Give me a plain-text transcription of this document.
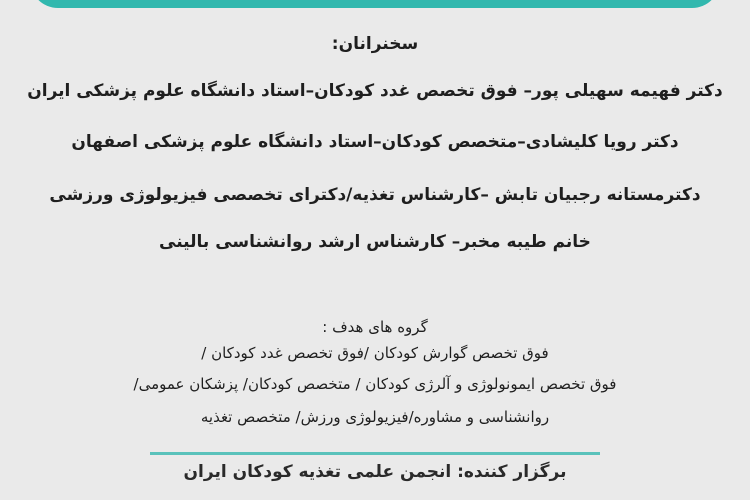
سخنرانان:
دکتر فهیمه سهیلی پور– فوق تخصص غدد کودکان–استاد دانشگاه علوم پزشکی ایران
دکتر رویا کلیشادی–متخصص کودکان–استاد دانشگاه علوم پزشکی اصفهان
دکترمستانه رجبیان تابش –کارشناس تغذیه/دکترای تخصصی فیزیولوژی ورزشی
خانم طیبه مخبر– کارشناس ارشد روانشناسی بالینی
گروه های هدف :
فوق تخصص گوارش کودکان /فوق تخصص غدد کودکان /
فوق تخصص ایمونولوژی و آلرژی کودکان / متخصص کودکان/ پزشکان عمومی/
روانشناسی و مشاوره/فیزیولوژی ورزش/ متخصص تغذیه
برگزار کننده: انجمن علمی تغذیه کودکان ایران
